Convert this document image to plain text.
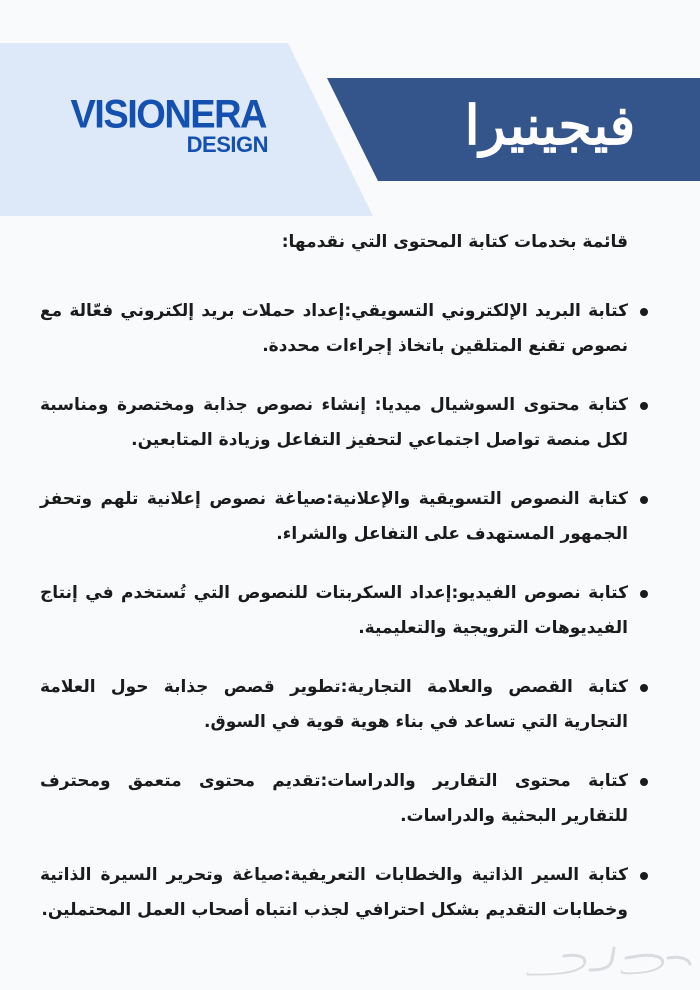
VISIONERA
DESIGN	فيجينيرا

قائمة بخدمات كتابة المحتوى التي نقدمها:

كتابة البريد الإلكتروني التسويقي:إعداد حملات بريد إلكتروني فعّالة مع نصوص تقنع المتلقين باتخاذ إجراءات محددة.
كتابة محتوى السوشيال ميديا: إنشاء نصوص جذابة ومختصرة ومناسبة لكل منصة تواصل اجتماعي لتحفيز التفاعل وزيادة المتابعين.
كتابة النصوص التسويقية والإعلانية:صياغة نصوص إعلانية تلهم وتحفز الجمهور المستهدف على التفاعل والشراء.
كتابة نصوص الفيديو:إعداد السكربتات للنصوص التي تُستخدم في إنتاج الفيديوهات الترويجية والتعليمية.
كتابة القصص والعلامة التجارية:تطوير قصص جذابة حول العلامة التجارية التي تساعد في بناء هوية قوية في السوق.
كتابة محتوى التقارير والدراسات:تقديم محتوى متعمق ومحترف للتقارير البحثية والدراسات.
كتابة السير الذاتية والخطابات التعريفية:صياغة وتحرير السيرة الذاتية وخطابات التقديم بشكل احترافي لجذب انتباه أصحاب العمل المحتملين.
